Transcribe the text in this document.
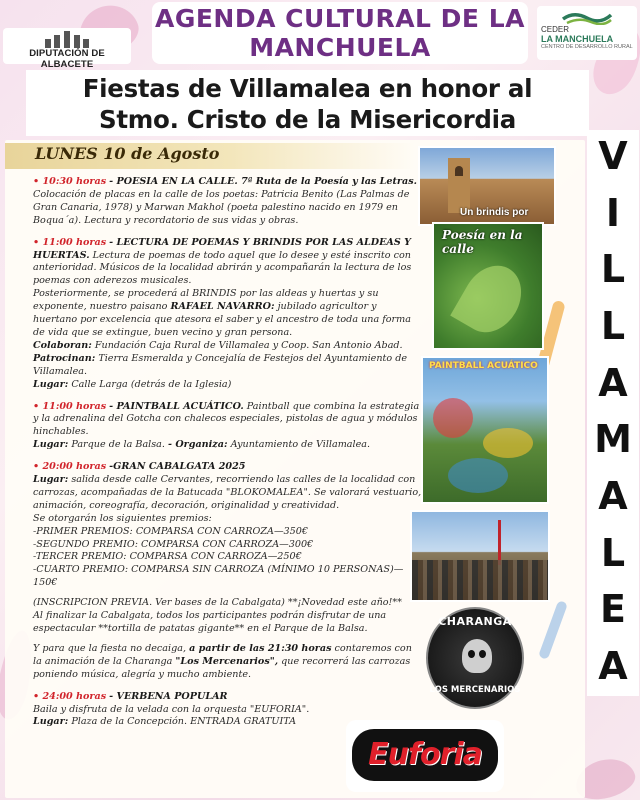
DIPUTACIÓN DE ALBACETE
AGENDA CULTURAL DE LA
MANCHUELA
CEDER
LA MANCHUELA
CENTRO DE DESARROLLO RURAL
Fiestas de Villamalea en honor al
Stmo. Cristo de la Misericordia
LUNES 10 de Agosto	V
I
L
L
A
M
A
L
E
A

• 10:30 horas - POESIA EN LA CALLE. 7ª Ruta de la Poesía y las Letras. Colocación de placas en la calle de los poetas: Patricia Benito (Las Palmas de Gran Canaria, 1978) y Marwan Makhol (poeta palestino nacido en 1979 en Boqua´a). Lectura y recordatorio de sus vidas y obras.

• 11:00 horas - LECTURA DE POEMAS Y BRINDIS POR LAS ALDEAS Y HUERTAS. Lectura de poemas de todo aquel que lo desee y esté inscrito con anterioridad. Músicos de la localidad abrirán y acompañarán la lectura de los poemas con aderezos musicales.

Posteriormente, se procederá al BRINDIS por las aldeas y huertas y su exponente, nuestro paisano RAFAEL NAVARRO: jubilado agricultor y huertano por excelencia que atesora el saber y el ancestro de toda una forma de vida que se extingue, buen vecino y gran persona.

Colaboran: Fundación Caja Rural de Villamalea y Coop. San Antonio Abad.

Patrocinan: Tierra Esmeralda y Concejalía de Festejos del Ayuntamiento de Villamalea.

Lugar: Calle Larga (detrás de la Iglesia)

• 11:00 horas - PAINTBALL ACUÁTICO. Paintball que combina la estrategia y la adrenalina del Gotcha con chalecos especiales, pistolas de agua y módulos hinchables.

Lugar: Parque de la Balsa. - Organiza: Ayuntamiento de Villamalea.

• 20:00 horas -GRAN CABALGATA 2025

Lugar: salida desde calle Cervantes, recorriendo las calles de la localidad con carrozas, acompañadas de la Batucada "BLOKOMALEA". Se valorará vestuario, animación, coreografía, decoración, originalidad y creatividad.

Se otorgarán los siguientes premios:

-PRIMER PREMIOS: COMPARSA CON CARROZA—350€

-SEGUNDO PREMIO: COMPARSA CON CARROZA—300€

-TERCER PREMIO: COMPARSA CON CARROZA—250€

-CUARTO PREMIO: COMPARSA SIN CARROZA (MÍNIMO 10 PERSONAS)—150€

(INSCRIPCION PREVIA. Ver bases de la Cabalgata) **¡Novedad este año!**

Al finalizar la Cabalgata, todos los participantes podrán disfrutar de una espectacular **tortilla de patatas gigante** en el Parque de la Balsa.

Y para que la fiesta no decaiga, a partir de las 21:30 horas contaremos con la animación de la Charanga "Los Mercenarios", que recorrerá las carrozas poniendo música, alegría y mucho ambiente.

• 24:00 horas - VERBENA POPULAR

Baila y disfruta de la velada con la orquesta "EUFORIA".

Lugar: Plaza de la Concepción. ENTRADA GRATUITA

Un brindis por
Poesía en la calle
PAINTBALL ACUÁTICO
CHARANGA
LOS MERCENARIOS
Euforia
